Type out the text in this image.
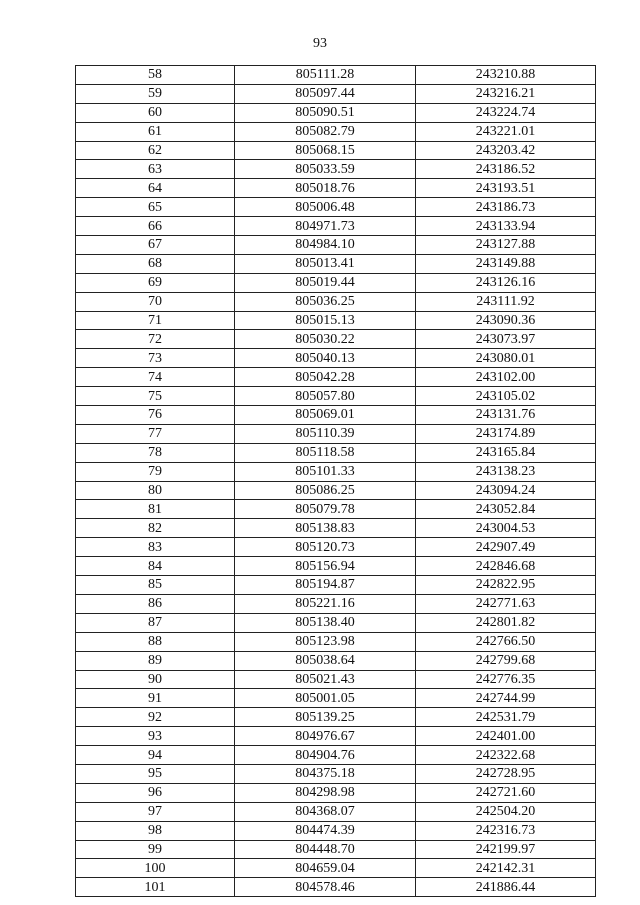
93
58	805111.28	243210.88
59	805097.44	243216.21
60	805090.51	243224.74
61	805082.79	243221.01
62	805068.15	243203.42
63	805033.59	243186.52
64	805018.76	243193.51
65	805006.48	243186.73
66	804971.73	243133.94
67	804984.10	243127.88
68	805013.41	243149.88
69	805019.44	243126.16
70	805036.25	243111.92
71	805015.13	243090.36
72	805030.22	243073.97
73	805040.13	243080.01
74	805042.28	243102.00
75	805057.80	243105.02
76	805069.01	243131.76
77	805110.39	243174.89
78	805118.58	243165.84
79	805101.33	243138.23
80	805086.25	243094.24
81	805079.78	243052.84
82	805138.83	243004.53
83	805120.73	242907.49
84	805156.94	242846.68
85	805194.87	242822.95
86	805221.16	242771.63
87	805138.40	242801.82
88	805123.98	242766.50
89	805038.64	242799.68
90	805021.43	242776.35
91	805001.05	242744.99
92	805139.25	242531.79
93	804976.67	242401.00
94	804904.76	242322.68
95	804375.18	242728.95
96	804298.98	242721.60
97	804368.07	242504.20
98	804474.39	242316.73
99	804448.70	242199.97
100	804659.04	242142.31
101	804578.46	241886.44
